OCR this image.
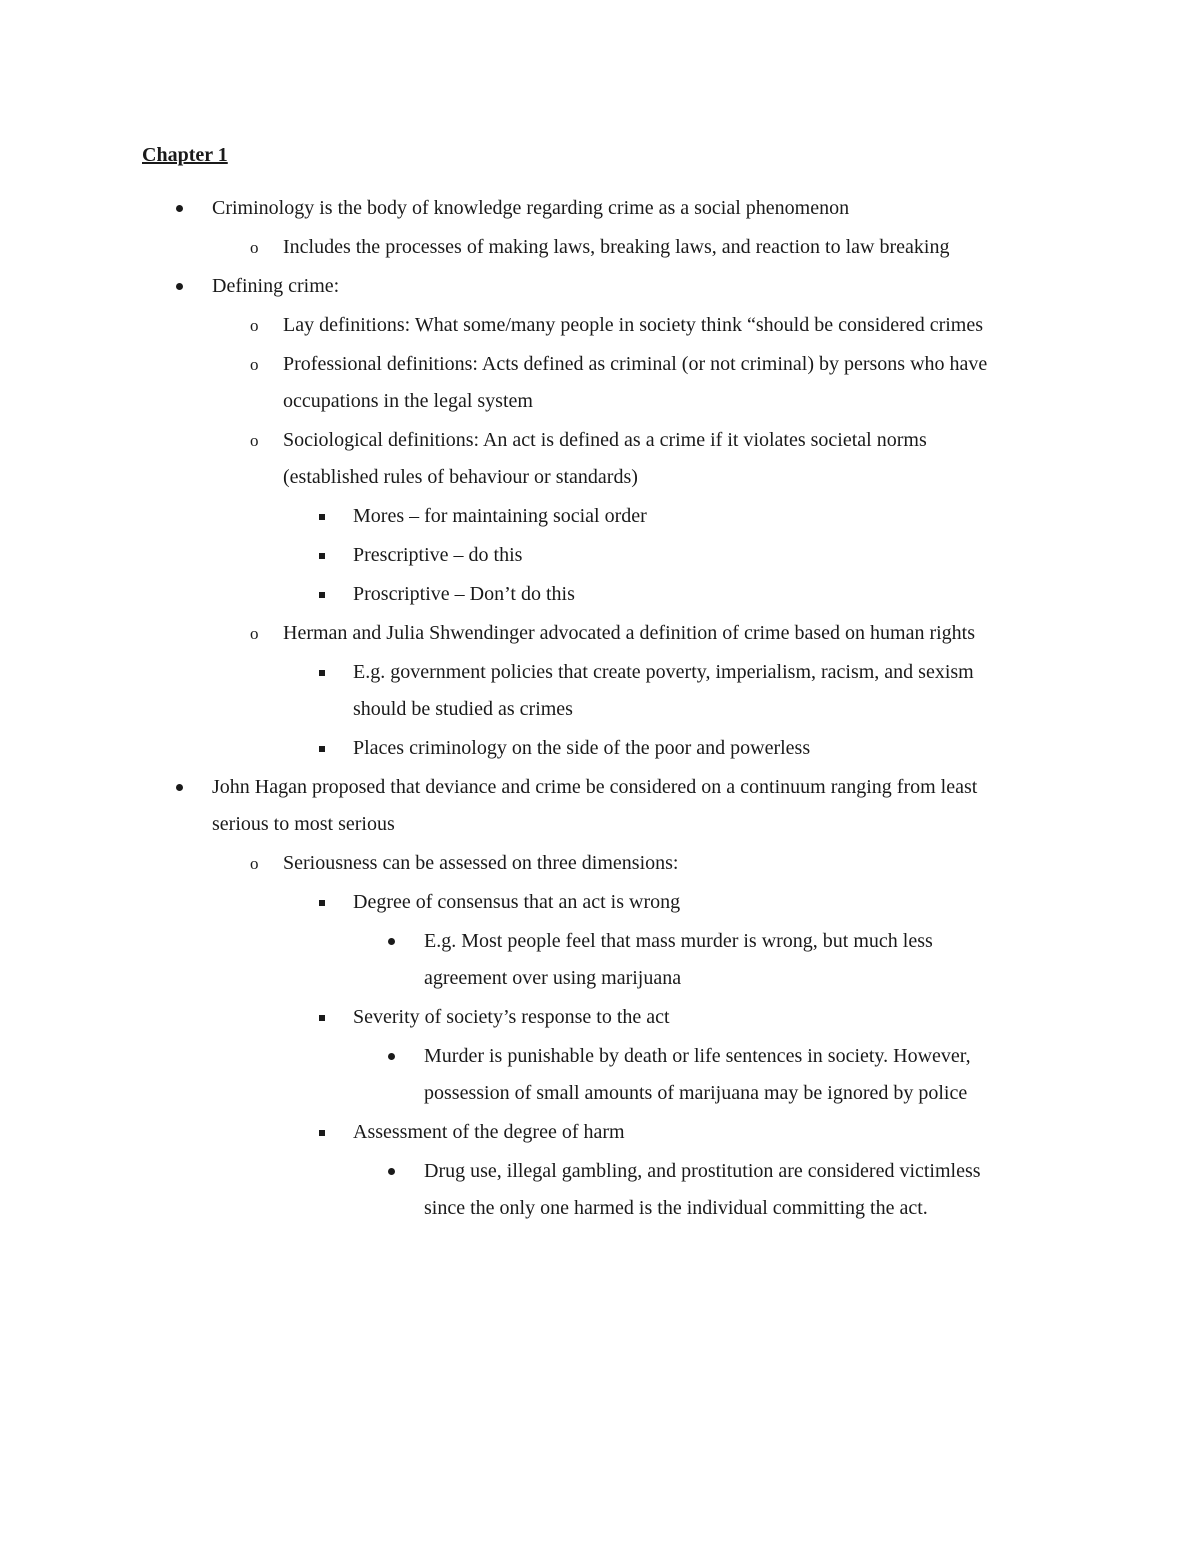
Chapter 1
Criminology is the body of knowledge regarding crime as a social phenomenon
o Includes the processes of making laws, breaking laws, and reaction to law breaking
Defining crime:
o Lay definitions: What some/many people in society think “should be considered crimes
o Professional definitions: Acts defined as criminal (or not criminal) by persons who have
occupations in the legal system
o Sociological definitions: An act is defined as a crime if it violates societal norms
(established rules of behaviour or standards)
Mores – for maintaining social order
Prescriptive – do this
Proscriptive – Don’t do this
o Herman and Julia Shwendinger advocated a definition of crime based on human rights
E.g. government policies that create poverty, imperialism, racism, and sexism
should be studied as crimes
Places criminology on the side of the poor and powerless
John Hagan proposed that deviance and crime be considered on a continuum ranging from least
serious to most serious
o Seriousness can be assessed on three dimensions:
Degree of consensus that an act is wrong
E.g. Most people feel that mass murder is wrong, but much less
agreement over using marijuana
Severity of society’s response to the act
Murder is punishable by death or life sentences in society. However,
possession of small amounts of marijuana may be ignored by police
Assessment of the degree of harm
Drug use, illegal gambling, and prostitution are considered victimless
since the only one harmed is the individual committing the act.
